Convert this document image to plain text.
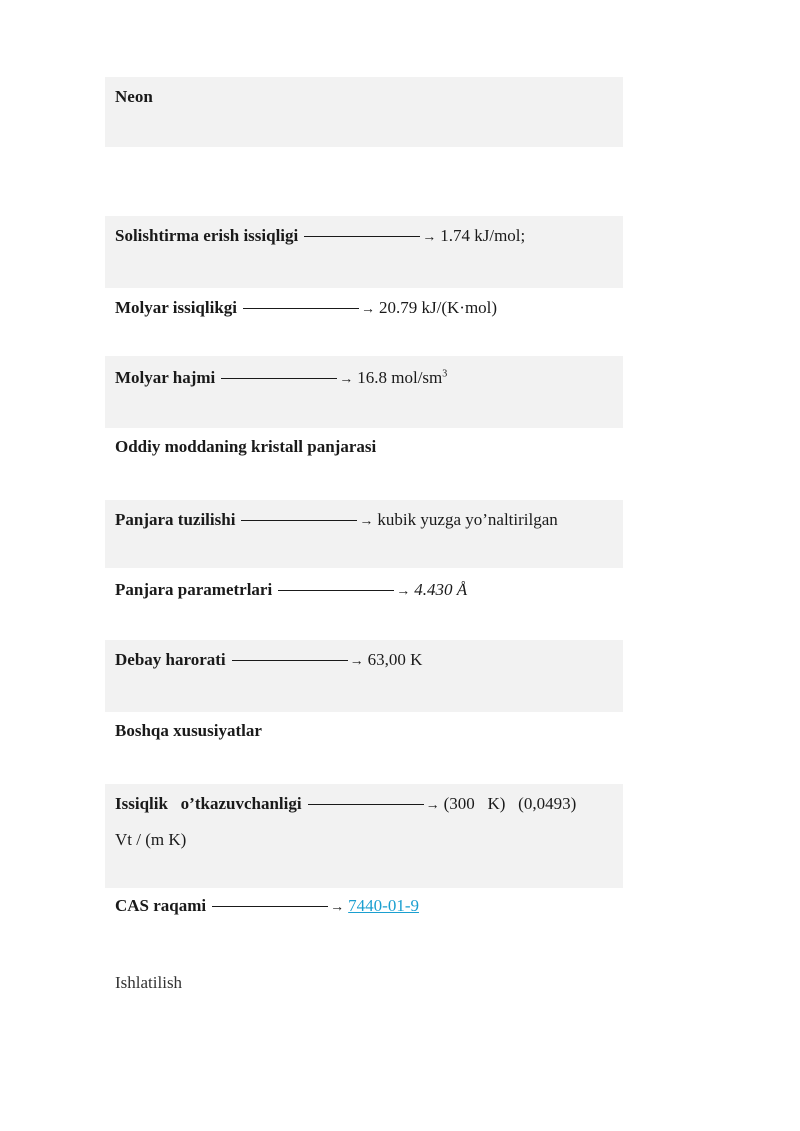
Neon
Solishtirma erish issiqligi	→ 1.74 kJ/mol;
Molyar issiqlikgi	→ 20.79 kJ/(K·mol)
Molyar hajmi	→ 16.8 mol/$sm^3$
Oddiy moddaning kristall panjarasi
Panjara tuzilishi	→ kubik yuzga yo’naltirilgan
Panjara parametrlari	→ 4.430 Å
Debay harorati	→ 63,00 K
Boshqa xususiyatlar
Issiqlik   o’tkazuvchanligi	→ (300   K)   (0,0493)
Vt / (m K)
CAS raqami	→ 7440-01-9
Ishlatilish
